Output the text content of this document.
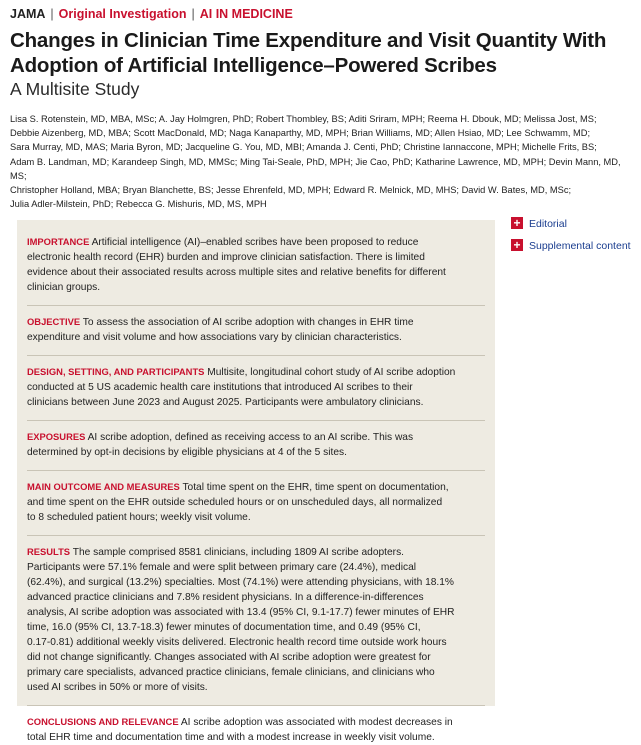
JAMA | Original Investigation | AI IN MEDICINE
Changes in Clinician Time Expenditure and Visit Quantity With Adoption of Artificial Intelligence–Powered Scribes
A Multisite Study
Lisa S. Rotenstein, MD, MBA, MSc; A. Jay Holmgren, PhD; Robert Thombley, BS; Aditi Sriram, MPH; Reema H. Dbouk, MD; Melissa Jost, MS;
Debbie Aizenberg, MD, MBA; Scott MacDonald, MD; Naga Kanaparthy, MD, MPH; Brian Williams, MD; Allen Hsiao, MD; Lee Schwamm, MD;
Sara Murray, MD, MAS; Maria Byron, MD; Jacqueline G. You, MD, MBI; Amanda J. Centi, PhD; Christine Iannaccone, MPH; Michelle Frits, BS;
Adam B. Landman, MD; Karandeep Singh, MD, MMSc; Ming Tai-Seale, PhD, MPH; Jie Cao, PhD; Katharine Lawrence, MD, MPH; Devin Mann, MD, MS;
Christopher Holland, MBA; Bryan Blanchette, BS; Jesse Ehrenfeld, MD, MPH; Edward R. Melnick, MD, MHS; David W. Bates, MD, MSc;
Julia Adler-Milstein, PhD; Rebecca G. Mishuris, MD, MS, MPH
IMPORTANCE Artificial intelligence (AI)–enabled scribes have been proposed to reduce
electronic health record (EHR) burden and improve clinician satisfaction. There is limited
evidence about their associated results across multiple sites and relative benefits for different
clinician groups.
OBJECTIVE To assess the association of AI scribe adoption with changes in EHR time
expenditure and visit volume and how associations vary by clinician characteristics.
DESIGN, SETTING, AND PARTICIPANTS Multisite, longitudinal cohort study of AI scribe adoption
conducted at 5 US academic health care institutions that introduced AI scribes to their
clinicians between June 2023 and August 2025. Participants were ambulatory clinicians.
EXPOSURES AI scribe adoption, defined as receiving access to an AI scribe. This was
determined by opt-in decisions by eligible physicians at 4 of the 5 sites.
MAIN OUTCOME AND MEASURES Total time spent on the EHR, time spent on documentation,
and time spent on the EHR outside scheduled hours or on unscheduled days, all normalized
to 8 scheduled patient hours; weekly visit volume.
RESULTS The sample comprised 8581 clinicians, including 1809 AI scribe adopters.
Participants were 57.1% female and were split between primary care (24.4%), medical
(62.4%), and surgical (13.2%) specialties. Most (74.1%) were attending physicians, with 18.1%
advanced practice clinicians and 7.8% resident physicians. In a difference-in-differences
analysis, AI scribe adoption was associated with 13.4 (95% CI, 9.1-17.7) fewer minutes of EHR
time, 16.0 (95% CI, 13.7-18.3) fewer minutes of documentation time, and 0.49 (95% CI,
0.17-0.81) additional weekly visits delivered. Electronic health record time outside work hours
did not change significantly. Changes associated with AI scribe adoption were greatest for
primary care specialists, advanced practice clinicians, female clinicians, and clinicians who
used AI scribes in 50% or more of visits.
CONCLUSIONS AND RELEVANCE AI scribe adoption was associated with modest decreases in
total EHR time and documentation time and with a modest increase in weekly visit volume.
+ Editorial
+ Supplemental content
